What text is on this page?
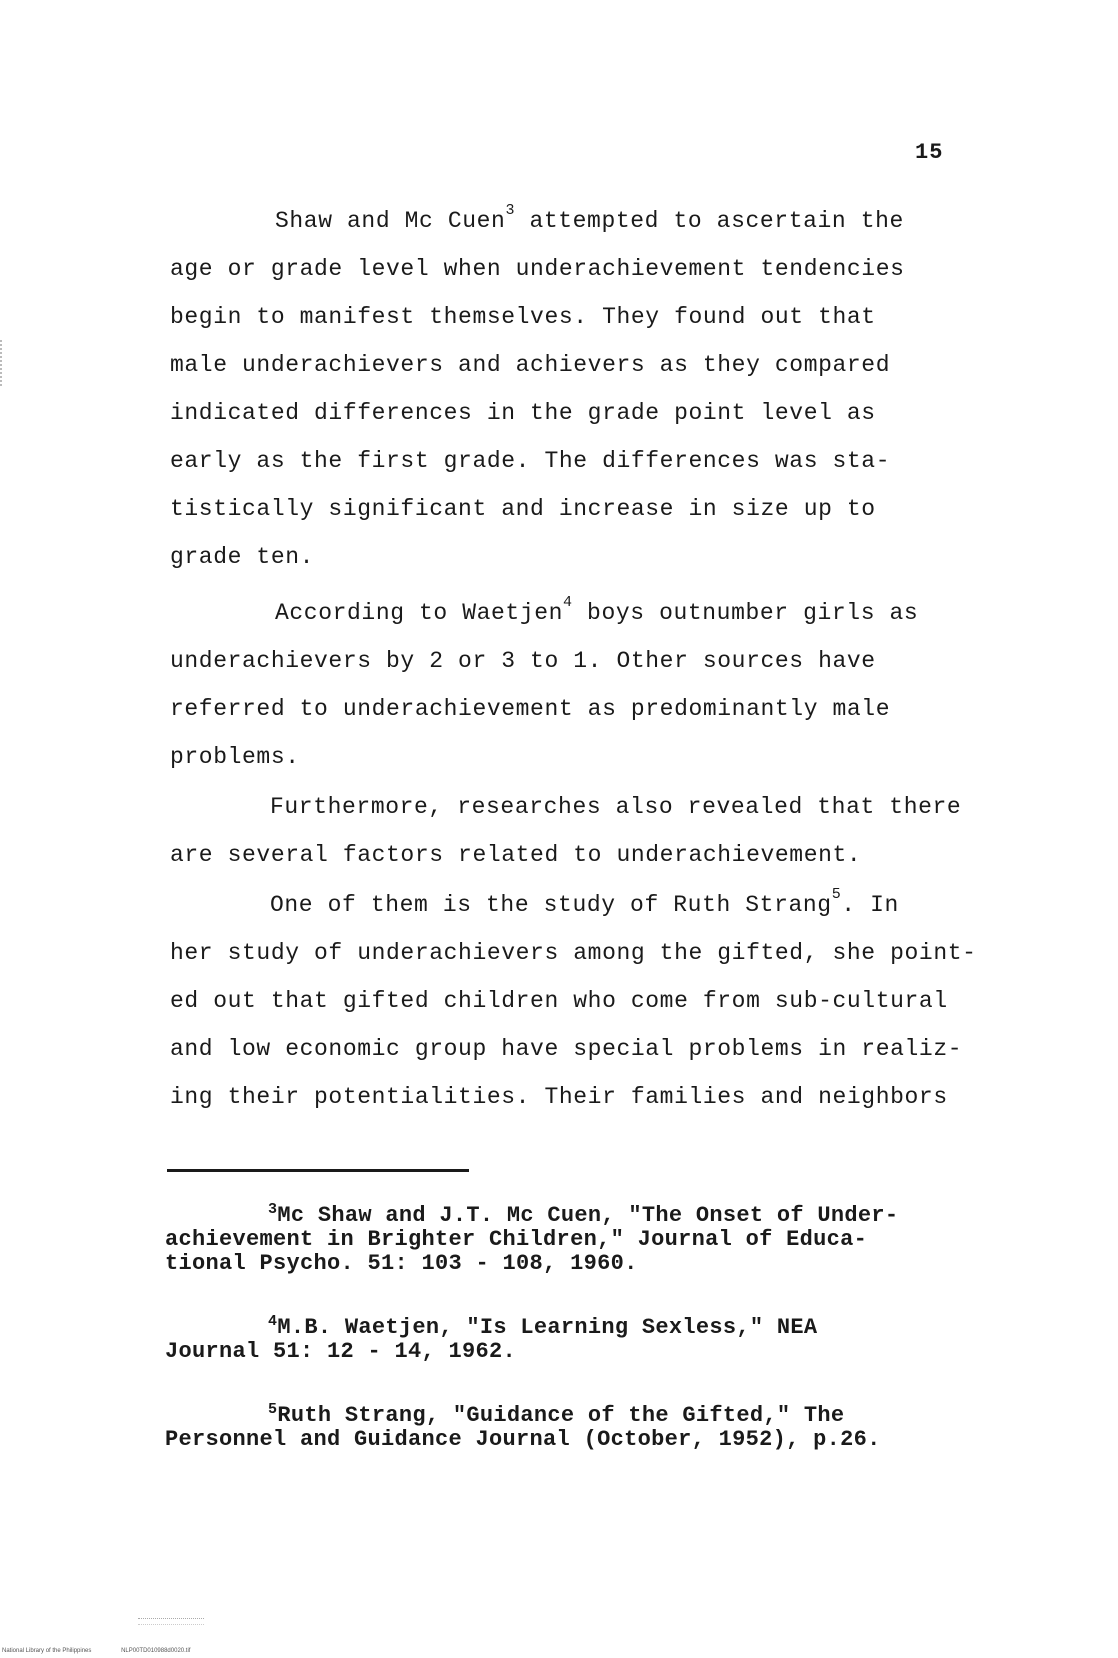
15
Shaw and Mc Cuen$^3$ attempted to ascertain the
age or grade level when underachievement tendencies
begin to manifest themselves. They found out that
male underachievers and achievers as they compared
indicated differences in the grade point level as
early as the first grade. The differences was sta-
tistically significant and increase in size up to
grade ten.
According to Waetjen$^4$ boys outnumber girls as
underachievers by 2 or 3 to 1. Other sources have
referred to underachievement as predominantly male
problems.
Furthermore, researches also revealed that there
are several factors related to underachievement.
One of them is the study of Ruth Strang$^5$. In
her study of underachievers among the gifted, she point-
ed out that gifted children who come from sub-cultural
and low economic group have special problems in realiz-
ing their potentialities. Their families and neighbors
$^3$Mc Shaw and J.T. Mc Cuen, "The Onset of Under-
achievement in Brighter Children," Journal of Educa-
tional Psycho. 51: 103 - 108, 1960.
$^4$M.B. Waetjen, "Is Learning Sexless," NEA
Journal 51: 12 - 14, 1962.
$^5$Ruth Strang, "Guidance of the Gifted," The
Personnel and Guidance Journal (October, 1952), p.26.
National Library of the Philippines	NLP00TD010988d0020.tif
